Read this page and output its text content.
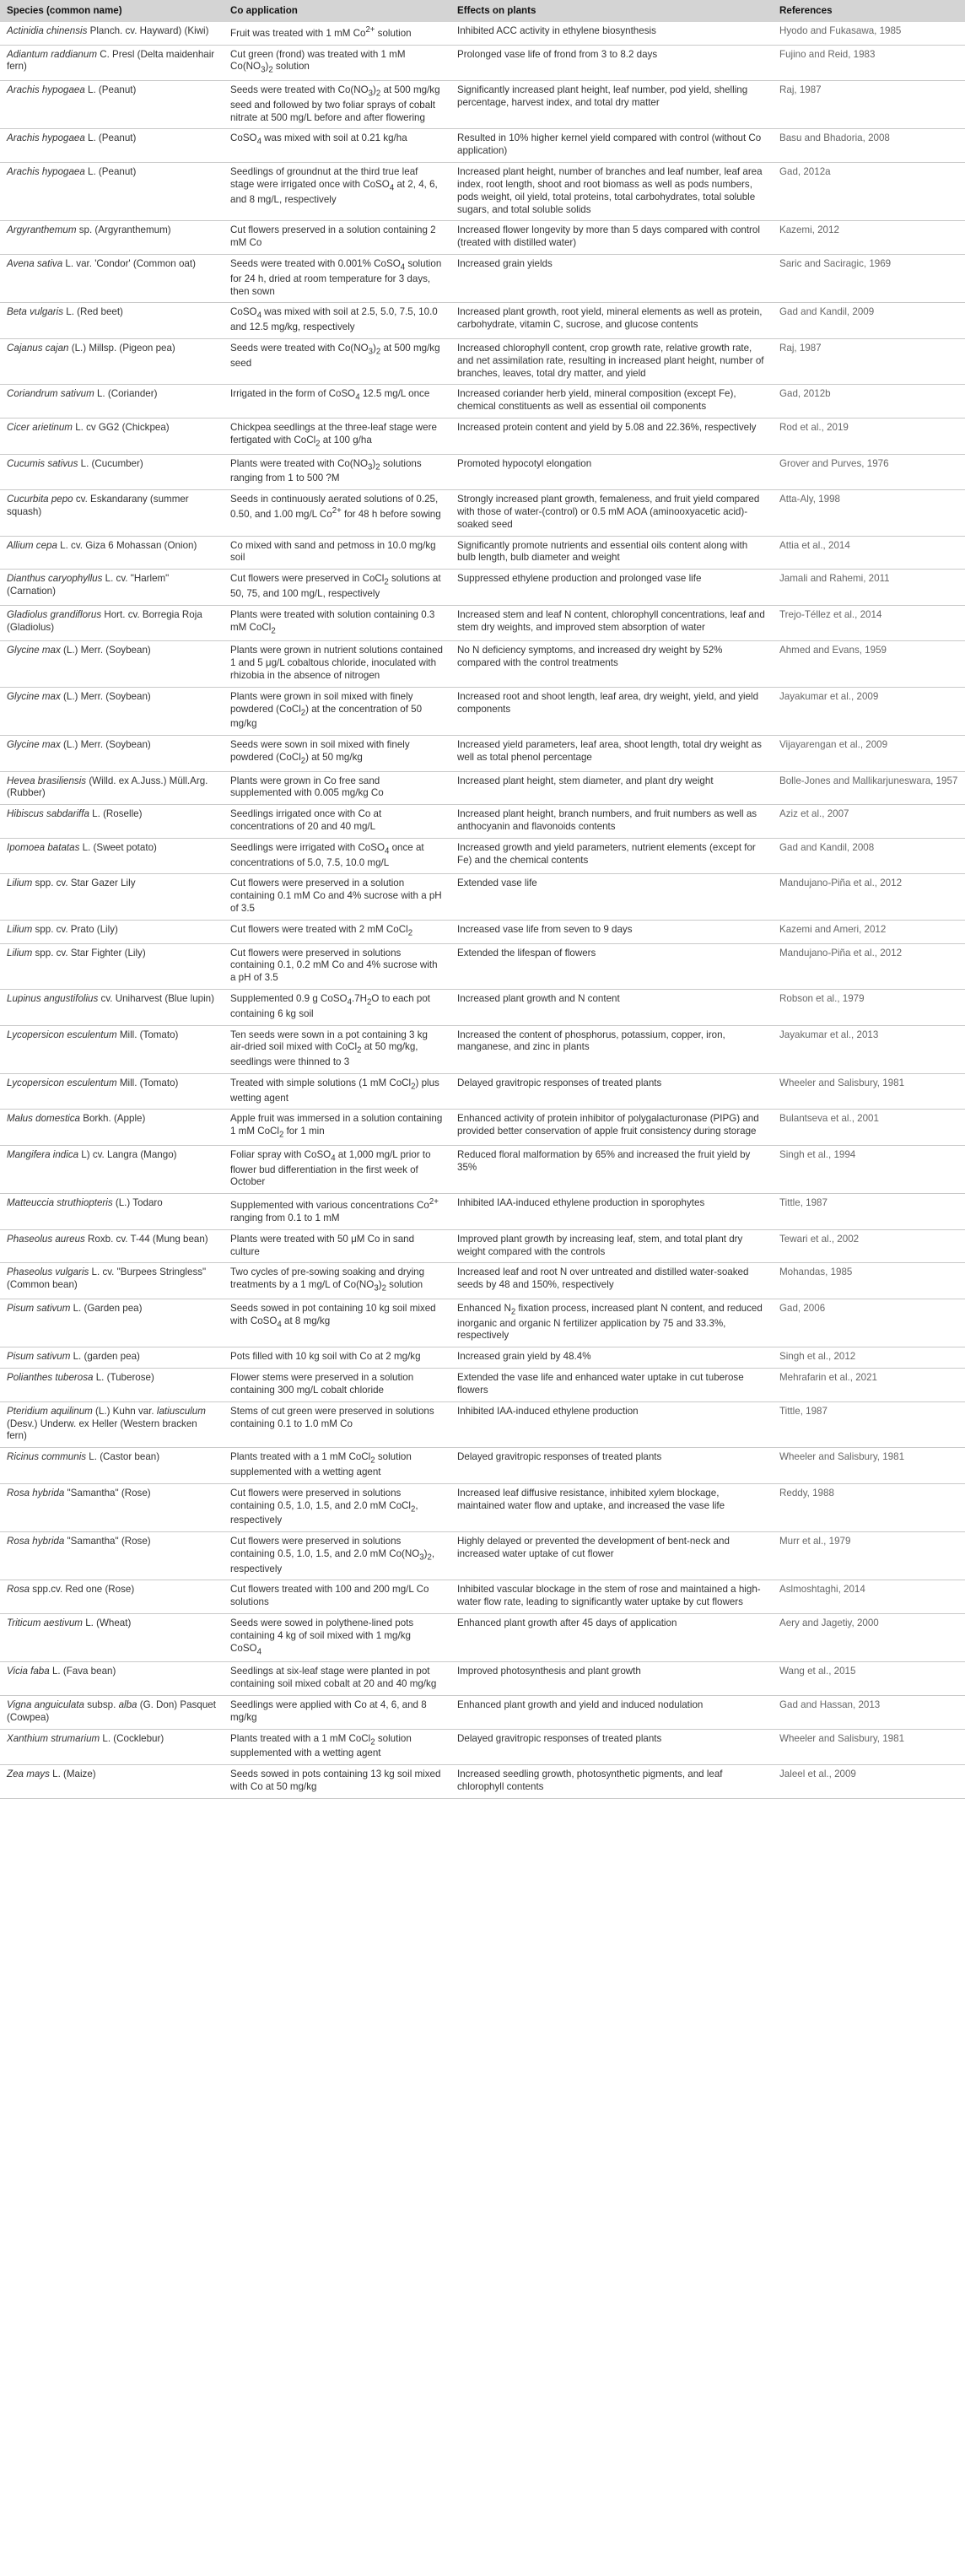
Species (common name)	Co application	Effects on plants	References
Actinidia chinensis Planch. cv. Hayward) (Kiwi)	Fruit was treated with 1 mM $Co^{2+}$ solution	Inhibited ACC activity in ethylene biosynthesis	Hyodo and Fukasawa, 1985
Adiantum raddianum C. Presl (Delta maidenhair fern)	Cut green (frond) was treated with 1 mM $Co(NO_3)_2$ solution	Prolonged vase life of frond from 3 to 8.2 days	Fujino and Reid, 1983
Arachis hypogaea L. (Peanut)	Seeds were treated with $Co(NO_3)_2$ at 500 mg/kg seed and followed by two foliar sprays of cobalt nitrate at 500 mg/L before and after flowering	Significantly increased plant height, leaf number, pod yield, shelling percentage, harvest index, and total dry matter	Raj, 1987
Arachis hypogaea L. (Peanut)	CoSO$_4$ was mixed with soil at 0.21 kg/ha	Resulted in 10% higher kernel yield compared with control (without Co application)	Basu and Bhadoria, 2008
Arachis hypogaea L. (Peanut)	Seedlings of groundnut at the third true leaf stage were irrigated once with CoSO$_4$ at 2, 4, 6, and 8 mg/L, respectively	Increased plant height, number of branches and leaf number, leaf area index, root length, shoot and root biomass as well as pods numbers, pods weight, oil yield, total proteins, total carbohydrates, total soluble sugars, and total soluble solids	Gad, 2012a
Argyranthemum sp. (Argyranthemum)	Cut flowers preserved in a solution containing 2 mM Co	Increased flower longevity by more than 5 days compared with control (treated with distilled water)	Kazemi, 2012
Avena sativa L. var. 'Condor' (Common oat)	Seeds were treated with 0.001% CoSO$_4$ solution for 24 h, dried at room temperature for 3 days, then sown	Increased grain yields	Saric and Saciragic, 1969
Beta vulgaris L. (Red beet)	CoSO$_4$ was mixed with soil at 2.5, 5.0, 7.5, 10.0 and 12.5 mg/kg, respectively	Increased plant growth, root yield, mineral elements as well as protein, carbohydrate, vitamin C, sucrose, and glucose contents	Gad and Kandil, 2009
Cajanus cajan (L.) Millsp. (Pigeon pea)	Seeds were treated with $Co(NO_3)_2$ at 500 mg/kg seed	Increased chlorophyll content, crop growth rate, relative growth rate, and net assimilation rate, resulting in increased plant height, number of branches, leaves, total dry matter, and yield	Raj, 1987
Coriandrum sativum L. (Coriander)	Irrigated in the form of CoSO$_4$ 12.5 mg/L once	Increased coriander herb yield, mineral composition (except Fe), chemical constituents as well as essential oil components	Gad, 2012b
Cicer arietinum L. cv GG2 (Chickpea)	Chickpea seedlings at the three-leaf stage were fertigated with CoCl$_2$ at 100 g/ha	Increased protein content and yield by 5.08 and 22.36%, respectively	Rod et al., 2019
Cucumis sativus L. (Cucumber)	Plants were treated with $Co(NO_3)_2$ solutions ranging from 1 to 500 ?M	Promoted hypocotyl elongation	Grover and Purves, 1976
Cucurbita pepo cv. Eskandarany (summer squash)	Seeds in continuously aerated solutions of 0.25, 0.50, and 1.00 mg/L $Co^{2+}$ for 48 h before sowing	Strongly increased plant growth, femaleness, and fruit yield compared with those of water-(control) or 0.5 mM AOA (aminooxyacetic acid)-soaked seed	Atta-Aly, 1998
Allium cepa L. cv. Giza 6 Mohassan (Onion)	Co mixed with sand and petmoss in 10.0 mg/kg soil	Significantly promote nutrients and essential oils content along with bulb length, bulb diameter and weight	Attia et al., 2014
Dianthus caryophyllus L. cv. "Harlem" (Carnation)	Cut flowers were preserved in CoCl$_2$ solutions at 50, 75, and 100 mg/L, respectively	Suppressed ethylene production and prolonged vase life	Jamali and Rahemi, 2011
Gladiolus grandiflorus Hort. cv. Borregia Roja (Gladiolus)	Plants were treated with solution containing 0.3 mM CoCl$_2$	Increased stem and leaf N content, chlorophyll concentrations, leaf and stem dry weights, and improved stem absorption of water	Trejo-Téllez et al., 2014
Glycine max (L.) Merr. (Soybean)	Plants were grown in nutrient solutions contained 1 and 5 μg/L cobaltous chloride, inoculated with rhizobia in the absence of nitrogen	No N deficiency symptoms, and increased dry weight by 52% compared with the control treatments	Ahmed and Evans, 1959
Glycine max (L.) Merr. (Soybean)	Plants were grown in soil mixed with finely powdered (CoCl$_2$) at the concentration of 50 mg/kg	Increased root and shoot length, leaf area, dry weight, yield, and yield components	Jayakumar et al., 2009
Glycine max (L.) Merr. (Soybean)	Seeds were sown in soil mixed with finely powdered (CoCl$_2$) at 50 mg/kg	Increased yield parameters, leaf area, shoot length, total dry weight as well as total phenol percentage	Vijayarengan et al., 2009
Hevea brasiliensis (Willd. ex A.Juss.) Müll.Arg. (Rubber)	Plants were grown in Co free sand supplemented with 0.005 mg/kg Co	Increased plant height, stem diameter, and plant dry weight	Bolle-Jones and Mallikarjuneswara, 1957
Hibiscus sabdariffa L. (Roselle)	Seedlings irrigated once with Co at concentrations of 20 and 40 mg/L	Increased plant height, branch numbers, and fruit numbers as well as anthocyanin and flavonoids contents	Aziz et al., 2007
Ipomoea batatas L. (Sweet potato)	Seedlings were irrigated with CoSO$_4$ once at concentrations of 5.0, 7.5, 10.0 mg/L	Increased growth and yield parameters, nutrient elements (except for Fe) and the chemical contents	Gad and Kandil, 2008
Lilium spp. cv. Star Gazer Lily	Cut flowers were preserved in a solution containing 0.1 mM Co and 4% sucrose with a pH of 3.5	Extended vase life	Mandujano-Piña et al., 2012
Lilium spp. cv. Prato (Lily)	Cut flowers were treated with 2 mM CoCl$_2$	Increased vase life from seven to 9 days	Kazemi and Ameri, 2012
Lilium spp. cv. Star Fighter (Lily)	Cut flowers were preserved in solutions containing 0.1, 0.2 mM Co and 4% sucrose with a pH of 3.5	Extended the lifespan of flowers	Mandujano-Piña et al., 2012
Lupinus angustifolius cv. Uniharvest (Blue lupin)	Supplemented 0.9 g $CoSO_4.7H_2O$ to each pot containing 6 kg soil	Increased plant growth and N content	Robson et al., 1979
Lycopersicon esculentum Mill. (Tomato)	Ten seeds were sown in a pot containing 3 kg air-dried soil mixed with CoCl$_2$ at 50 mg/kg, seedlings were thinned to 3	Increased the content of phosphorus, potassium, copper, iron, manganese, and zinc in plants	Jayakumar et al., 2013
Lycopersicon esculentum Mill. (Tomato)	Treated with simple solutions (1 mM CoCl$_2$) plus wetting agent	Delayed gravitropic responses of treated plants	Wheeler and Salisbury, 1981
Malus domestica Borkh. (Apple)	Apple fruit was immersed in a solution containing 1 mM CoCl$_2$ for 1 min	Enhanced activity of protein inhibitor of polygalacturonase (PIPG) and provided better conservation of apple fruit consistency during storage	Bulantseva et al., 2001
Mangifera indica L) cv. Langra (Mango)	Foliar spray with CoSO$_4$ at 1,000 mg/L prior to flower bud differentiation in the first week of October	Reduced floral malformation by 65% and increased the fruit yield by 35%	Singh et al., 1994
Matteuccia struthiopteris (L.) Todaro	Supplemented with various concentrations $Co^{2+}$ ranging from 0.1 to 1 mM	Inhibited IAA-induced ethylene production in sporophytes	Tittle, 1987
Phaseolus aureus Roxb. cv. T-44 (Mung bean)	Plants were treated with 50 μM Co in sand culture	Improved plant growth by increasing leaf, stem, and total plant dry weight compared with the controls	Tewari et al., 2002
Phaseolus vulgaris L. cv. "Burpees Stringless" (Common bean)	Two cycles of pre-sowing soaking and drying treatments by a 1 mg/L of $Co(NO_3)_2$ solution	Increased leaf and root N over untreated and distilled water-soaked seeds by 48 and 150%, respectively	Mohandas, 1985
Pisum sativum L. (Garden pea)	Seeds sowed in pot containing 10 kg soil mixed with CoSO$_4$ at 8 mg/kg	Enhanced $N_2$ fixation process, increased plant N content, and reduced inorganic and organic N fertilizer application by 75 and 33.3%, respectively	Gad, 2006
Pisum sativum L. (garden pea)	Pots filled with 10 kg soil with Co at 2 mg/kg	Increased grain yield by 48.4%	Singh et al., 2012
Polianthes tuberosa L. (Tuberose)	Flower stems were preserved in a solution containing 300 mg/L cobalt chloride	Extended the vase life and enhanced water uptake in cut tuberose flowers	Mehrafarin et al., 2021
Pteridium aquilinum (L.) Kuhn var. latiusculum (Desv.) Underw. ex Heller (Western bracken fern)	Stems of cut green were preserved in solutions containing 0.1 to 1.0 mM Co	Inhibited IAA-induced ethylene production	Tittle, 1987
Ricinus communis L. (Castor bean)	Plants treated with a 1 mM CoCl$_2$ solution supplemented with a wetting agent	Delayed gravitropic responses of treated plants	Wheeler and Salisbury, 1981
Rosa hybrida "Samantha" (Rose)	Cut flowers were preserved in solutions containing 0.5, 1.0, 1.5, and 2.0 mM CoCl$_2$, respectively	Increased leaf diffusive resistance, inhibited xylem blockage, maintained water flow and uptake, and increased the vase life	Reddy, 1988
Rosa hybrida "Samantha" (Rose)	Cut flowers were preserved in solutions containing 0.5, 1.0, 1.5, and 2.0 mM $Co(NO_3)_2$, respectively	Highly delayed or prevented the development of bent-neck and increased water uptake of cut flower	Murr et al., 1979
Rosa spp.cv. Red one (Rose)	Cut flowers treated with 100 and 200 mg/L Co solutions	Inhibited vascular blockage in the stem of rose and maintained a high-water flow rate, leading to significantly water uptake by cut flowers	Aslmoshtaghi, 2014
Triticum aestivum L. (Wheat)	Seeds were sowed in polythene-lined pots containing 4 kg of soil mixed with 1 mg/kg CoSO$_4$	Enhanced plant growth after 45 days of application	Aery and Jagetiy, 2000
Vicia faba L. (Fava bean)	Seedlings at six-leaf stage were planted in pot containing soil mixed cobalt at 20 and 40 mg/kg	Improved photosynthesis and plant growth	Wang et al., 2015
Vigna anguiculata subsp. alba (G. Don) Pasquet (Cowpea)	Seedlings were applied with Co at 4, 6, and 8 mg/kg	Enhanced plant growth and yield and induced nodulation	Gad and Hassan, 2013
Xanthium strumarium L. (Cocklebur)	Plants treated with a 1 mM CoCl$_2$ solution supplemented with a wetting agent	Delayed gravitropic responses of treated plants	Wheeler and Salisbury, 1981
Zea mays L. (Maize)	Seeds sowed in pots containing 13 kg soil mixed with Co at 50 mg/kg	Increased seedling growth, photosynthetic pigments, and leaf chlorophyll contents	Jaleel et al., 2009
